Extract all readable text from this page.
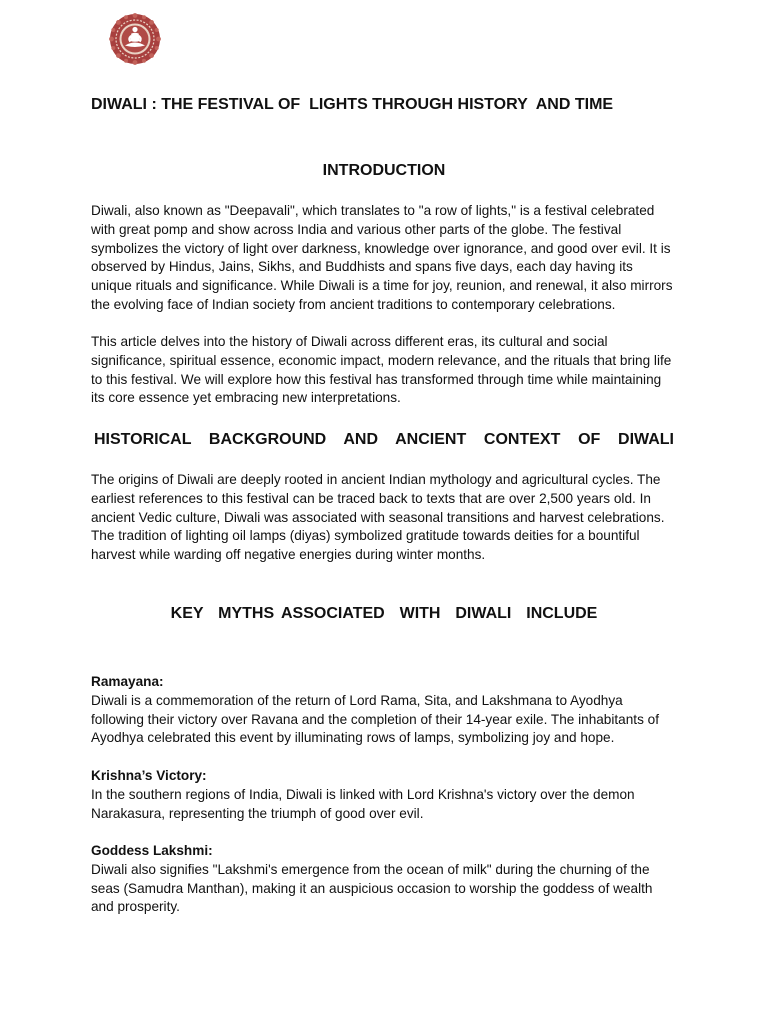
DIWALI : THE FESTIVAL OF  LIGHTS THROUGH HISTORY  AND TIME
INTRODUCTION

Diwali, also known as "Deepavali", which translates to "a row of lights," is a festival celebrated with great pomp and show across India and various other parts of the globe. The festival symbolizes the victory of light over darkness, knowledge over ignorance, and good over evil. It is observed by Hindus, Jains, Sikhs, and Buddhists and spans five days, each day having its unique rituals and significance. While Diwali is a time for joy, reunion, and renewal, it also mirrors the evolving face of Indian society from ancient traditions to contemporary celebrations.

This article delves into the history of Diwali across different eras, its cultural and social significance, spiritual essence, economic impact, modern relevance, and the rituals that bring life to this festival. We will explore how this festival has transformed through time while maintaining its core essence yet embracing new interpretations.

HISTORICAL BACKGROUND AND ANCIENT CONTEXT OF DIWALI

The origins of Diwali are deeply rooted in ancient Indian mythology and agricultural cycles. The earliest references to this festival can be traced back to texts that are over 2,500 years old. In ancient Vedic culture, Diwali was associated with seasonal transitions and harvest celebrations. The tradition of lighting oil lamps (diyas) symbolized gratitude towards deities for a bountiful harvest while warding off negative energies during winter months.

KEY  MYTHS ASSOCIATED  WITH  DIWALI  INCLUDE
Ramayana:
Diwali is a commemoration of the return of Lord Rama, Sita, and Lakshmana to Ayodhya following their victory over Ravana and the completion of their 14-year exile. The inhabitants of Ayodhya celebrated this event by illuminating rows of lamps, symbolizing joy and hope.
Krishna’s Victory:
In the southern regions of India, Diwali is linked with Lord Krishna's victory over the demon Narakasura, representing the triumph of good over evil.
Goddess Lakshmi:
Diwali also signifies "Lakshmi's emergence from the ocean of milk" during the churning of the seas (Samudra Manthan), making it an auspicious occasion to worship the goddess of wealth and prosperity.
